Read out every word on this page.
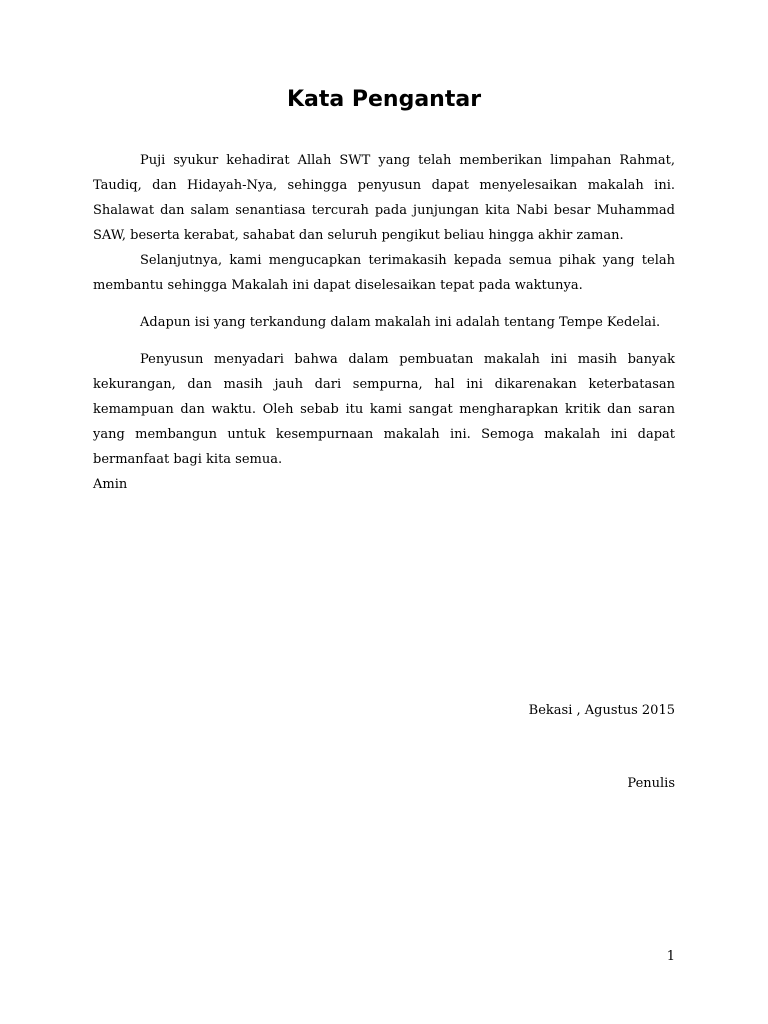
Kata Pengantar

Puji syukur kehadirat Allah SWT yang telah memberikan limpahan Rahmat, Taudiq, dan Hidayah-Nya, sehingga penyusun dapat menyelesaikan makalah ini. Shalawat dan salam senantiasa tercurah pada junjungan kita Nabi besar Muhammad SAW, beserta kerabat, sahabat dan seluruh pengikut beliau hingga akhir zaman.

Selanjutnya, kami mengucapkan terimakasih kepada semua pihak yang telah membantu sehingga Makalah ini dapat diselesaikan tepat pada waktunya.

Adapun isi yang terkandung dalam makalah ini adalah tentang Tempe Kedelai.

Penyusun menyadari bahwa dalam pembuatan makalah ini masih banyak kekurangan, dan masih jauh dari sempurna, hal ini dikarenakan keterbatasan kemampuan dan waktu. Oleh sebab itu kami sangat mengharapkan kritik dan saran yang membangun untuk kesempurnaan makalah ini. Semoga makalah ini dapat bermanfaat bagi kita semua.

Amin

Bekasi , Agustus 2015

Penulis

1
